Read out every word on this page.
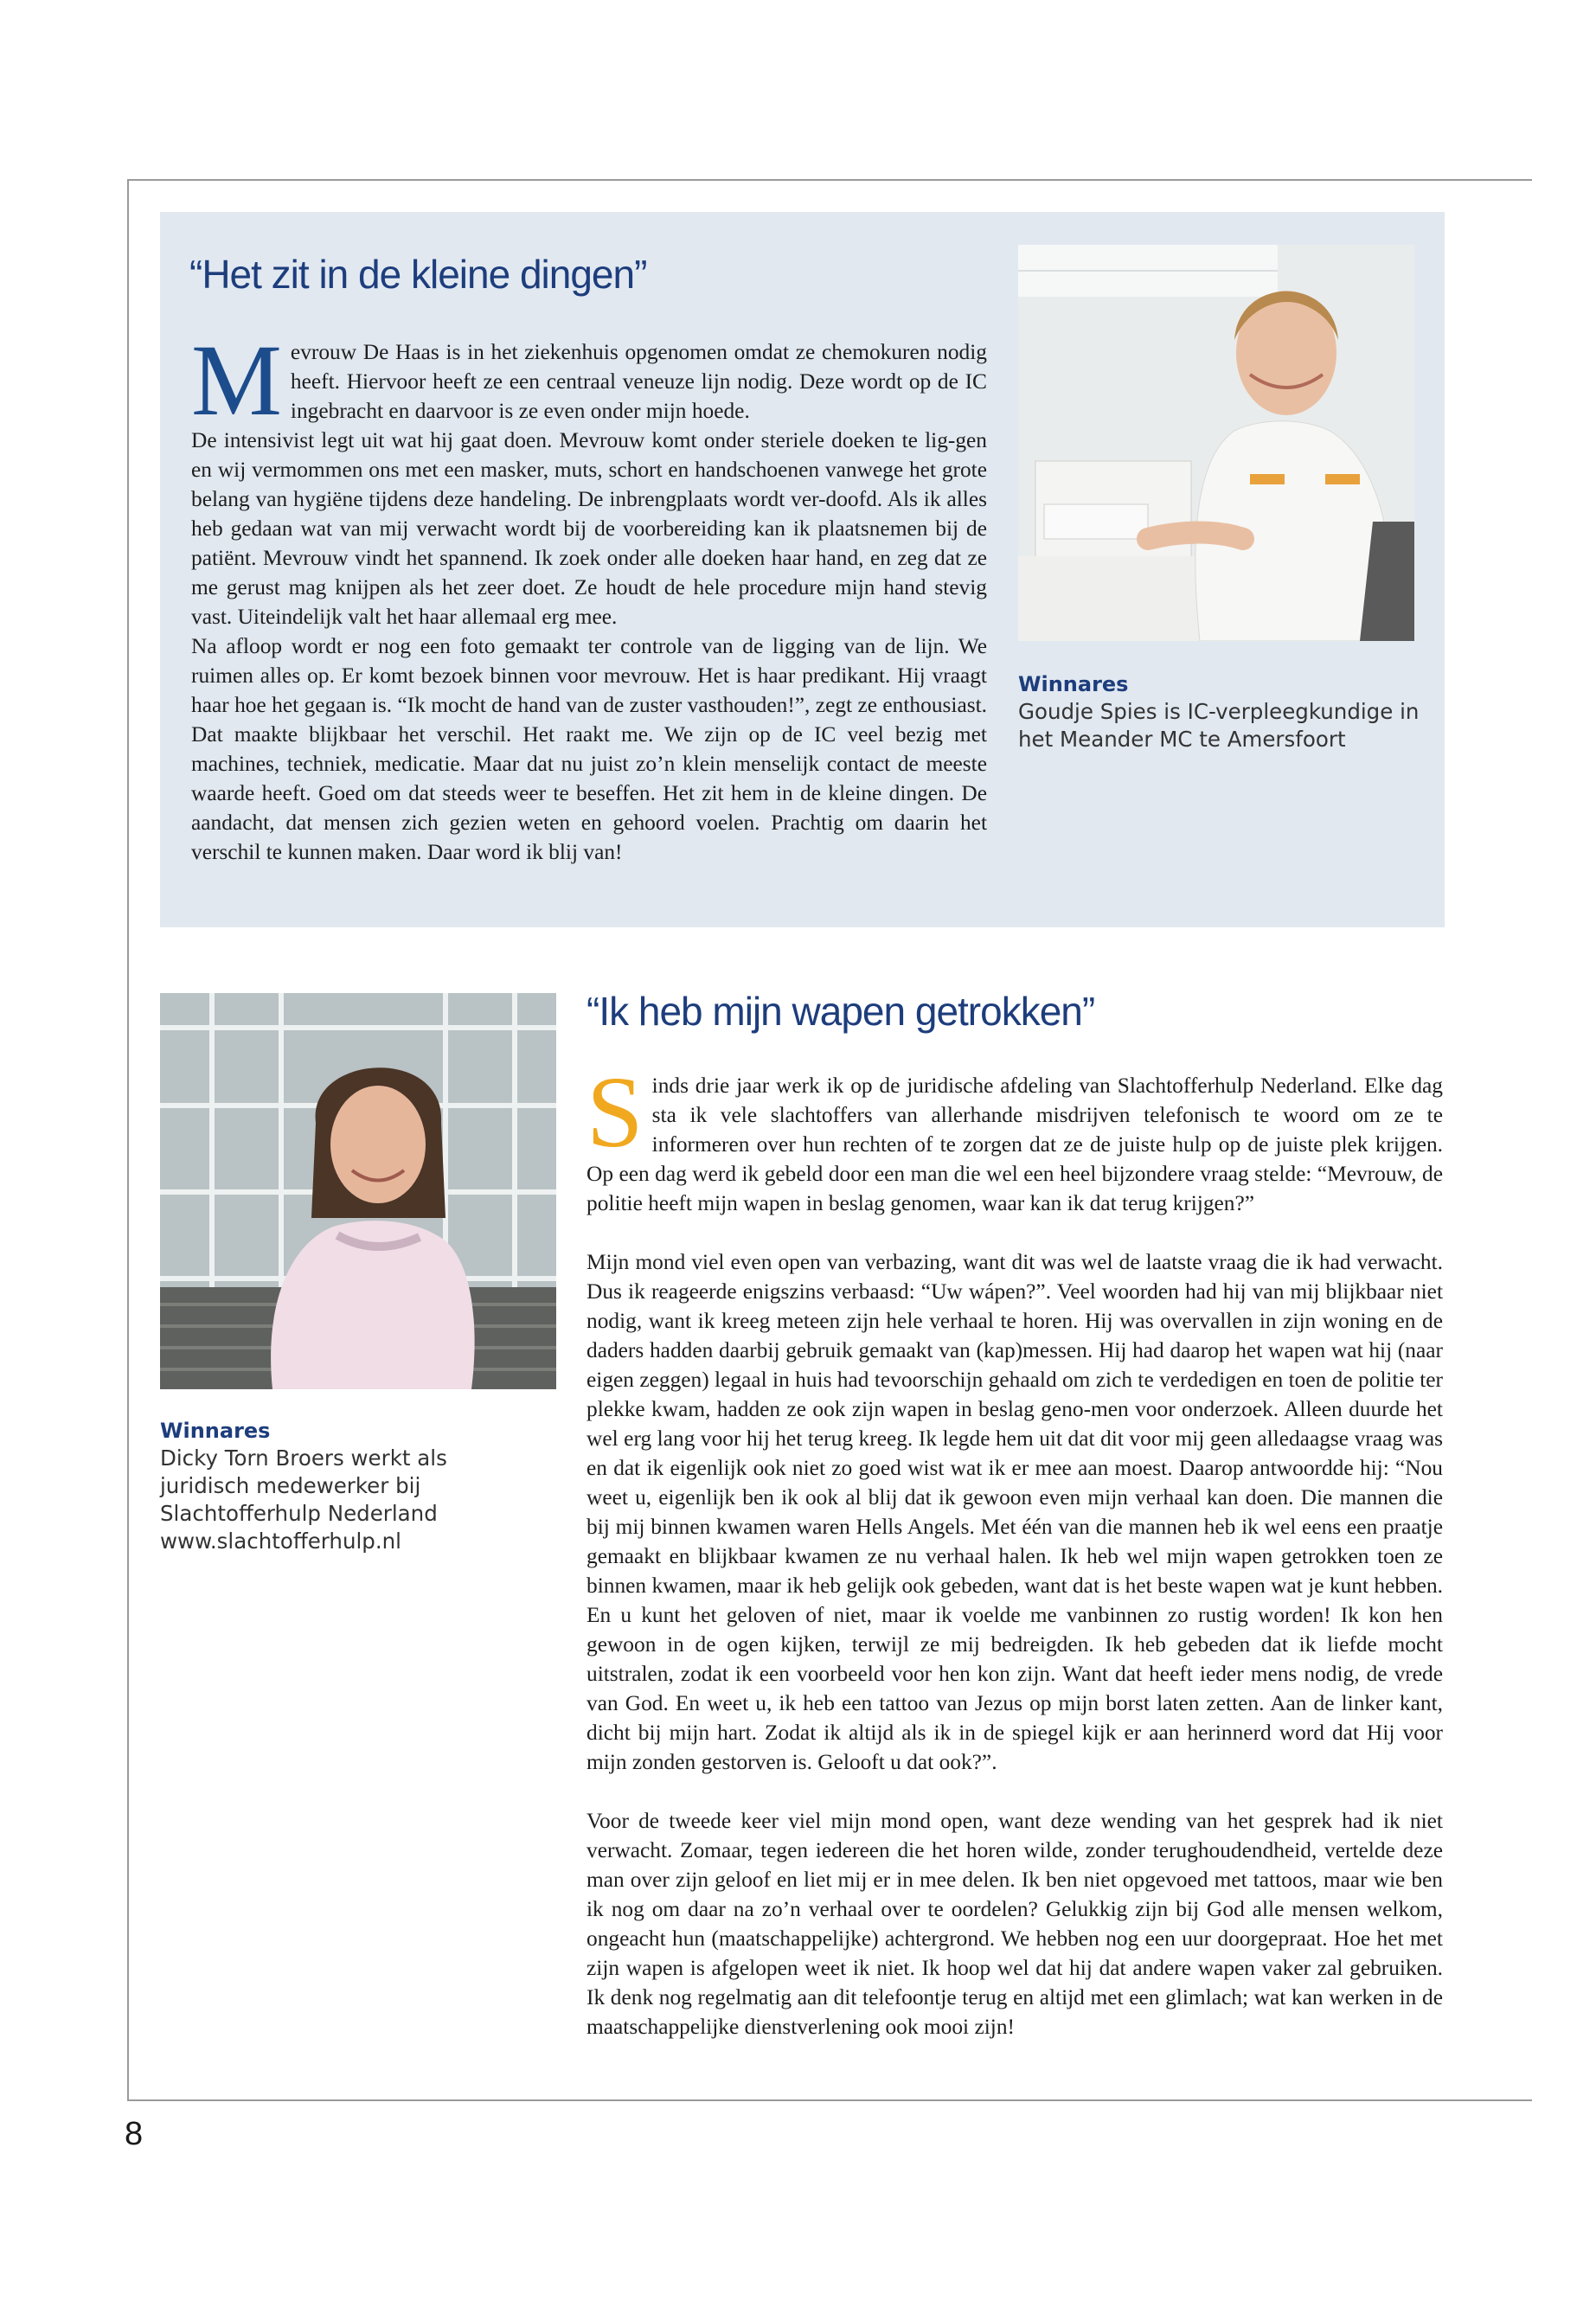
“Het zit in de kleine dingen”

Mevrouw De Haas is in het ziekenhuis opgenomen omdat ze chemokuren nodig heeft. Hiervoor heeft ze een centraal veneuze lijn nodig. Deze wordt op de IC ingebracht en daarvoor is ze even onder mijn hoede.

De intensivist legt uit wat hij gaat doen. Mevrouw komt onder steriele doeken te lig-gen en wij vermommen ons met een masker, muts, schort en handschoenen vanwege het grote belang van hygiëne tijdens deze handeling. De inbrengplaats wordt ver-doofd. Als ik alles heb gedaan wat van mij verwacht wordt bij de voorbereiding kan ik plaatsnemen bij de patiënt. Mevrouw vindt het spannend. Ik zoek onder alle doeken haar hand, en zeg dat ze me gerust mag knijpen als het zeer doet. Ze houdt de hele procedure mijn hand stevig vast. Uiteindelijk valt het haar allemaal erg mee.

Na afloop wordt er nog een foto gemaakt ter controle van de ligging van de lijn. We ruimen alles op. Er komt bezoek binnen voor mevrouw. Het is haar predikant. Hij vraagt haar hoe het gegaan is. “Ik mocht de hand van de zuster vasthouden!”, zegt ze enthousiast. Dat maakte blijkbaar het verschil. Het raakt me. We zijn op de IC veel bezig met machines, techniek, medicatie. Maar dat nu juist zo’n klein menselijk contact de meeste waarde heeft. Goed om dat steeds weer te beseffen. Het zit hem in de kleine dingen. De aandacht, dat mensen zich gezien weten en gehoord voelen. Prachtig om daarin het verschil te kunnen maken. Daar word ik blij van!

Winnares
Goudje Spies is IC-verpleegkundige in het Meander MC te Amersfoort
Winnares
Dicky Torn Broers werkt als juridisch medewerker bij Slachtofferhulp Nederland www.slachtofferhulp.nl
“Ik heb mijn wapen getrokken”

Sinds drie jaar werk ik op de juridische afdeling van Slachtofferhulp Nederland. Elke dag sta ik vele slachtoffers van allerhande misdrijven telefonisch te woord om ze te informeren over hun rechten of te zorgen dat ze de juiste hulp op de juiste plek krijgen. Op een dag werd ik gebeld door een man die wel een heel bijzondere vraag stelde: “Mevrouw, de politie heeft mijn wapen in beslag genomen, waar kan ik dat terug krijgen?”

Mijn mond viel even open van verbazing, want dit was wel de laatste vraag die ik had verwacht. Dus ik reageerde enigszins verbaasd: “Uw wápen?”. Veel woorden had hij van mij blijkbaar niet nodig, want ik kreeg meteen zijn hele verhaal te horen. Hij was overvallen in zijn woning en de daders hadden daarbij gebruik gemaakt van (kap)messen. Hij had daarop het wapen wat hij (naar eigen zeggen) legaal in huis had tevoorschijn gehaald om zich te verdedigen en toen de politie ter plekke kwam, hadden ze ook zijn wapen in beslag geno-men voor onderzoek. Alleen duurde het wel erg lang voor hij het terug kreeg. Ik legde hem uit dat dit voor mij geen alledaagse vraag was en dat ik eigenlijk ook niet zo goed wist wat ik er mee aan moest. Daarop antwoordde hij: “Nou weet u, eigenlijk ben ik ook al blij dat ik gewoon even mijn verhaal kan doen. Die mannen die bij mij binnen kwamen waren Hells Angels. Met één van die mannen heb ik wel eens een praatje gemaakt en blijkbaar kwamen ze nu verhaal halen. Ik heb wel mijn wapen getrokken toen ze binnen kwamen, maar ik heb gelijk ook gebeden, want dat is het beste wapen wat je kunt hebben. En u kunt het geloven of niet, maar ik voelde me vanbinnen zo rustig worden! Ik kon hen gewoon in de ogen kijken, terwijl ze mij bedreigden. Ik heb gebeden dat ik liefde mocht uitstralen, zodat ik een voorbeeld voor hen kon zijn. Want dat heeft ieder mens nodig, de vrede van God. En weet u, ik heb een tattoo van Jezus op mijn borst laten zetten. Aan de linker kant, dicht bij mijn hart. Zodat ik altijd als ik in de spiegel kijk er aan herinnerd word dat Hij voor mijn zonden gestorven is. Gelooft u dat ook?”.

Voor de tweede keer viel mijn mond open, want deze wending van het gesprek had ik niet verwacht. Zomaar, tegen iedereen die het horen wilde, zonder terughoudendheid, vertelde deze man over zijn geloof en liet mij er in mee delen. Ik ben niet opgevoed met tattoos, maar wie ben ik nog om daar na zo’n verhaal over te oordelen? Gelukkig zijn bij God alle mensen welkom, ongeacht hun (maatschappelijke) achtergrond. We hebben nog een uur doorgepraat. Hoe het met zijn wapen is afgelopen weet ik niet. Ik hoop wel dat hij dat andere wapen vaker zal gebruiken. Ik denk nog regelmatig aan dit telefoontje terug en altijd met een glimlach; wat kan werken in de maatschappelijke dienstverlening ook mooi zijn!

8
